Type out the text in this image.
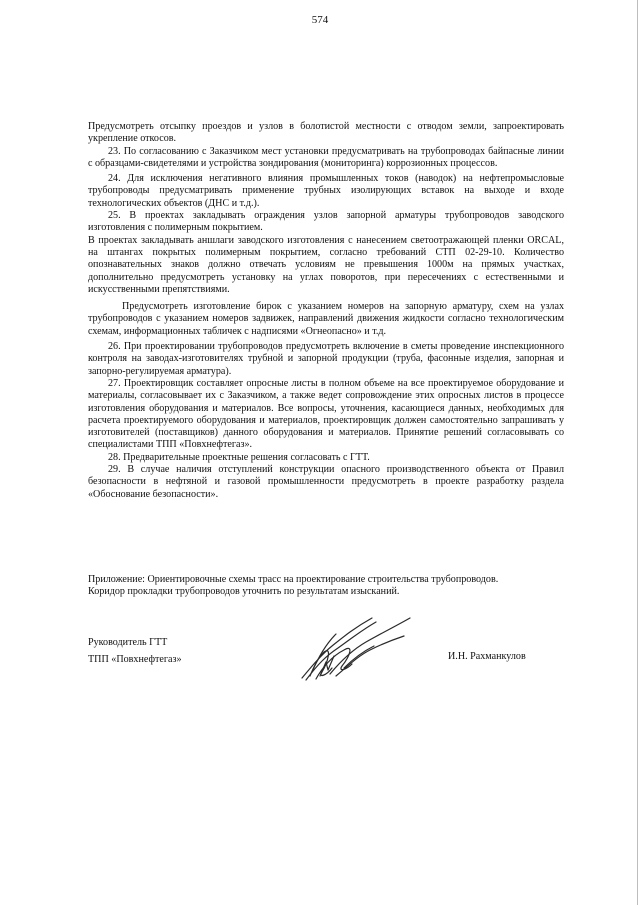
574

Предусмотреть отсыпку проездов и узлов в болотистой местности с отводом земли, запроектировать укрепление откосов.

23. По согласованию с Заказчиком мест установки предусматривать на трубопроводах байпасные линии с образцами-свидетелями и устройства зондирования (мониторинга) коррозионных процессов.

24. Для исключения негативного влияния промышленных токов (наводок) на нефтепромысловые трубопроводы предусматривать применение трубных изолирующих вставок на выходе и входе технологических объектов (ДНС и т.д.).

25. В проектах закладывать ограждения узлов запорной арматуры трубопроводов заводского изготовления с полимерным покрытием.

В проектах закладывать аншлаги заводского изготовления с нанесением светоотражающей пленки ORCAL, на штангах покрытых полимерным покрытием, согласно требований СТП 02-29-10. Количество опознавательных знаков должно отвечать условиям не превышения 1000м на прямых участках, дополнительно предусмотреть установку на углах поворотов, при пересечениях с естественными и искусственными препятствиями.

Предусмотреть изготовление бирок с указанием номеров на запорную арматуру, схем на узлах трубопроводов с указанием номеров задвижек, направлений движения жидкости согласно технологическим схемам, информационных табличек с надписями «Огнеопасно» и т.д.

26. При проектировании трубопроводов предусмотреть включение в сметы проведение инспекционного контроля на заводах-изготовителях трубной и запорной продукции (труба, фасонные изделия, запорная и запорно-регулируемая арматура).

27. Проектировщик составляет опросные листы в полном объеме на все проектируемое оборудование и материалы, согласовывает их с Заказчиком, а также ведет сопровождение этих опросных листов в процессе изготовления оборудования и материалов. Все вопросы, уточнения, касающиеся данных, необходимых для расчета проектируемого оборудования и материалов, проектировщик должен самостоятельно запрашивать у изготовителей (поставщиков) данного оборудования и материалов. Принятие решений согласовывать со специалистами ТПП «Повхнефтегаз».

28. Предварительные проектные решения согласовать с ГТТ.

29. В случае наличия отступлений конструкции опасного производственного объекта от Правил безопасности в нефтяной и газовой промышленности предусмотреть в проекте разработку раздела «Обоснование безопасности».

Приложение: Ориентировочные схемы трасс на проектирование строительства трубопроводов.

Коридор прокладки трубопроводов уточнить по результатам изысканий.

Руководитель ГТТ

ТПП «Повхнефтегаз»	И.Н. Рахманкулов
